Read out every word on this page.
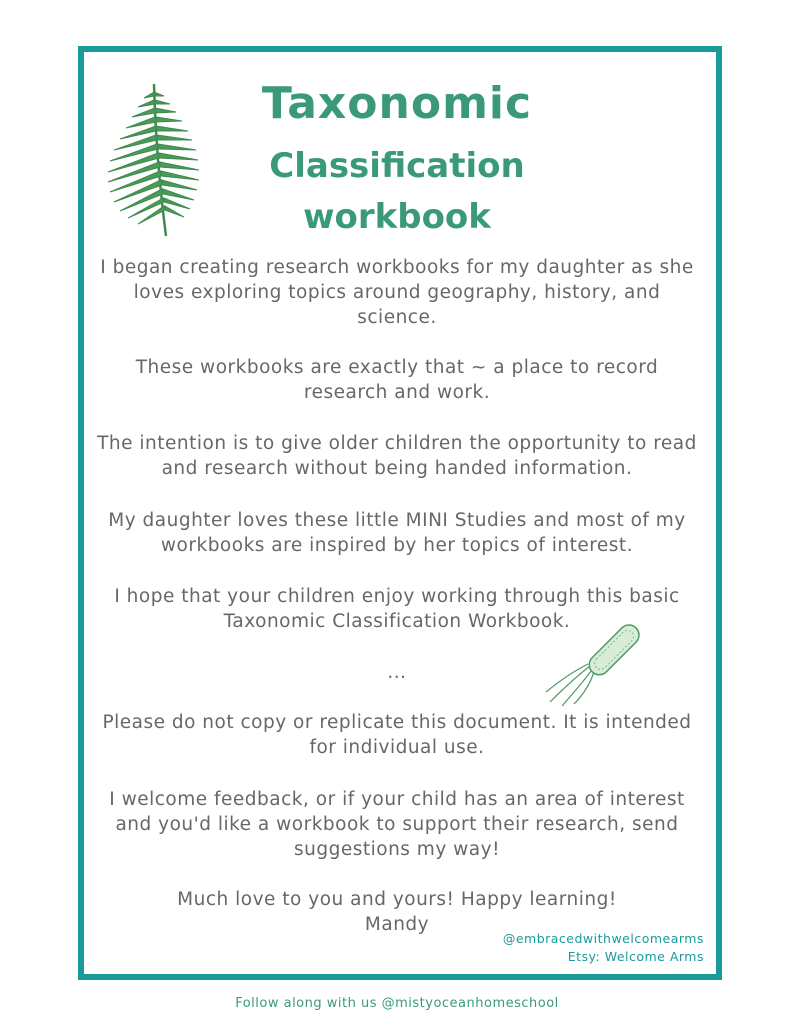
Taxonomic
Classification
workbook
I began creating research workbooks for my daughter as she loves exploring topics around geography, history, and science.
These workbooks are exactly that ~ a place to record research and work.
The intention is to give older children the opportunity to read and research without being handed information.
My daughter loves these little MINI Studies and most of my workbooks are inspired by her topics of interest.
I hope that your children enjoy working through this basic Taxonomic Classification Workbook.
...
Please do not copy or replicate this document. It is intended for individual use.
I welcome feedback, or if your child has an area of interest and you'd like a workbook to support their research, send suggestions my way!
Much love to you and yours! Happy learning!
Mandy
@embracedwithwelcomearms
Etsy: Welcome Arms
Follow along with us @mistyoceanhomeschool
